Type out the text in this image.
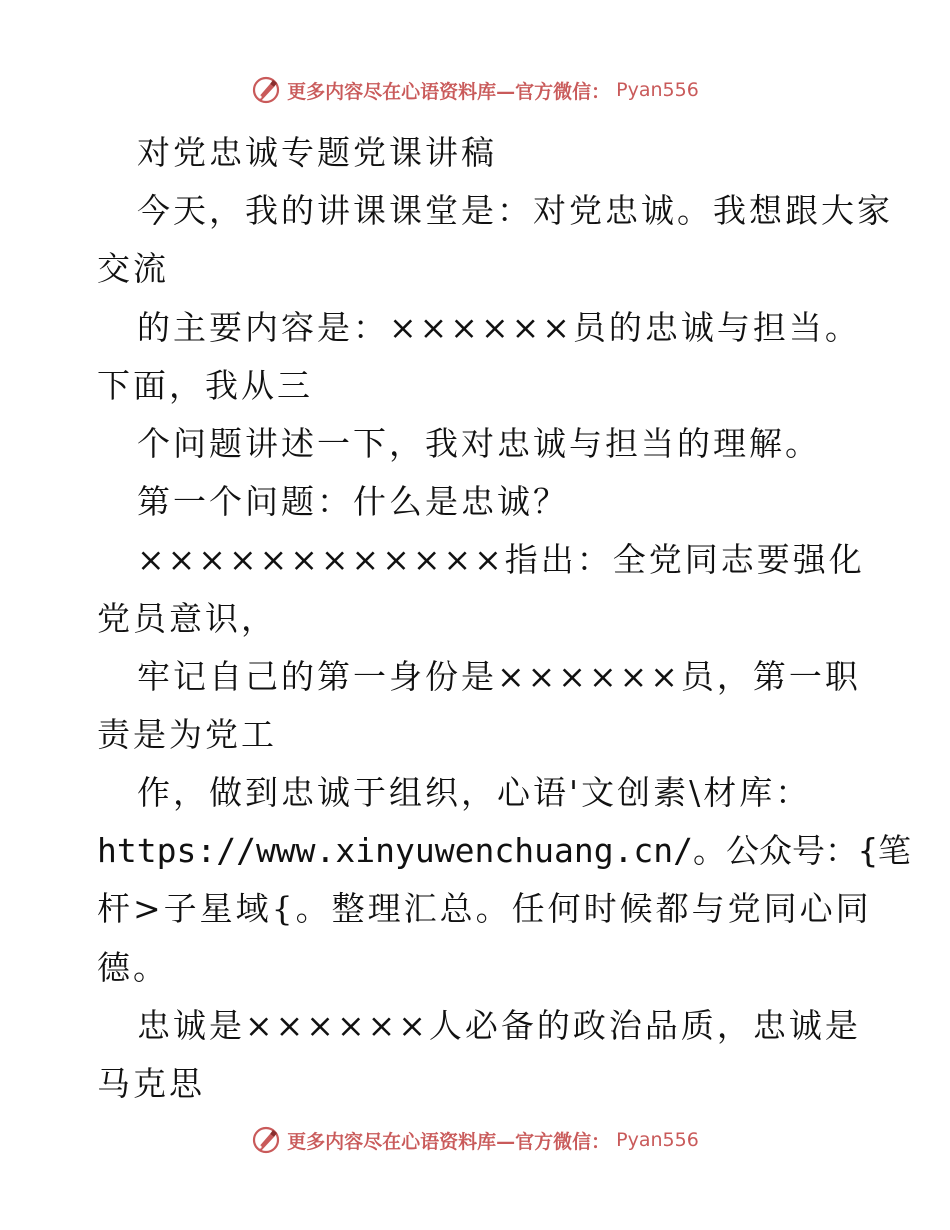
更多内容尽在心语资料库—官方微信： Pyan556
对党忠诚专题党课讲稿
今天，我的讲课课堂是：对党忠诚。我想跟大家
交流
的主要内容是：××××××员的忠诚与担当。
下面，我从三
个问题讲述一下，我对忠诚与担当的理解。
第一个问题：什么是忠诚？
××××××××××××指出：全党同志要强化
党员意识，
牢记自己的第一身份是××××××员，第一职
责是为党工
作，做到忠诚于组织，心语'文创素\材库：
https://www.xinyuwenchuang.cn/。公众号：{笔
杆>子星域{。整理汇总。任何时候都与党同心同
德。
忠诚是××××××人必备的政治品质，忠诚是
马克思
更多内容尽在心语资料库—官方微信： Pyan556
